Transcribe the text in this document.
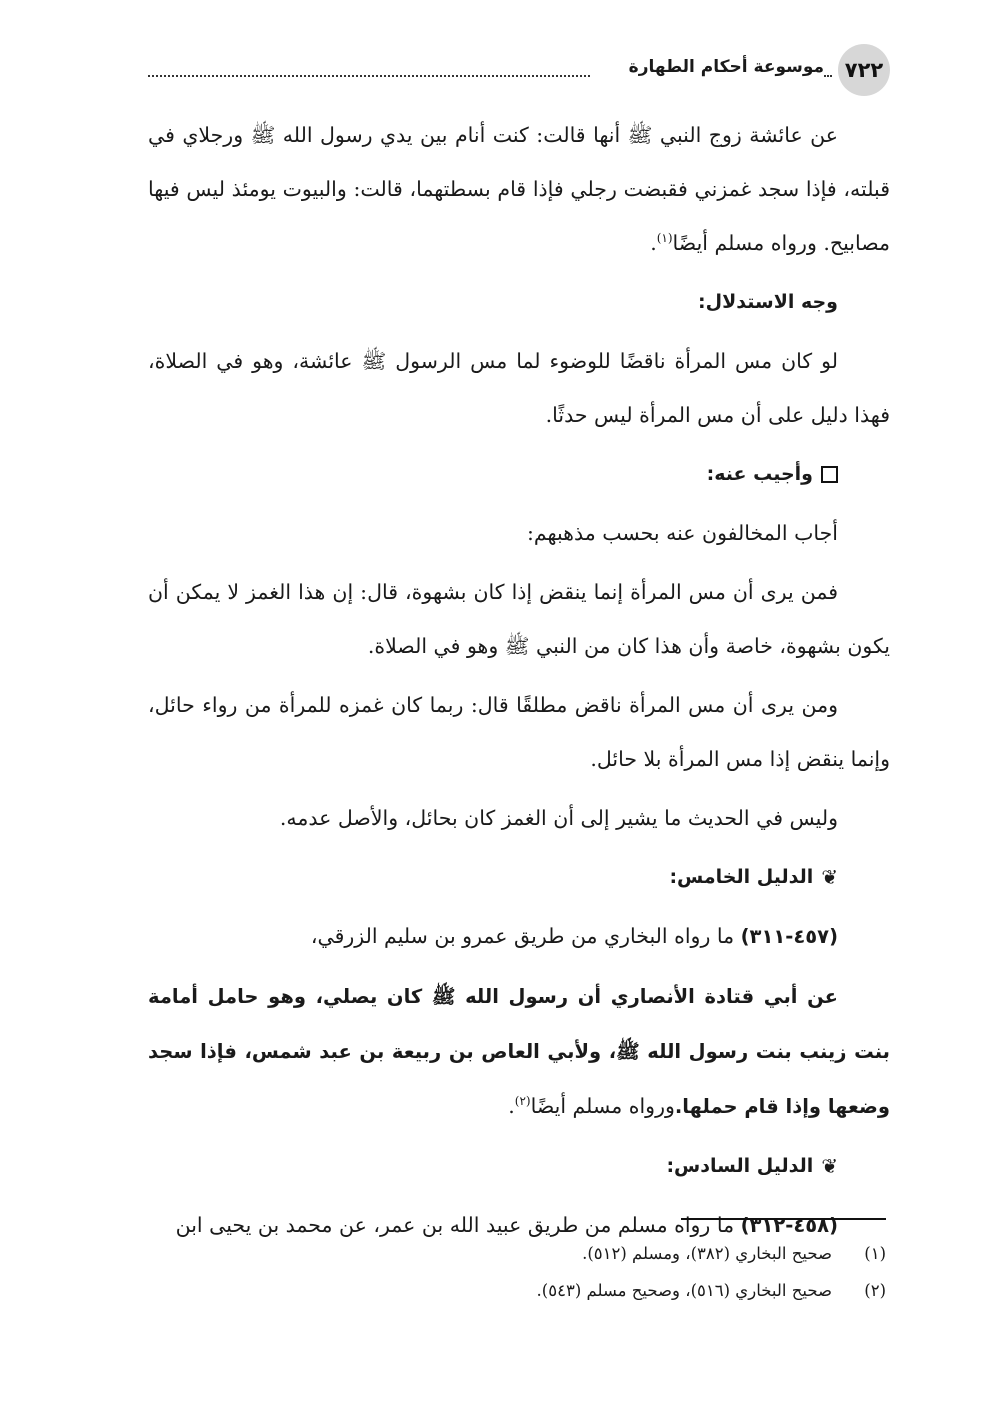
٧٢٢
موسوعة أحكام الطهارة

عن عائشة زوج النبي ﷺ أنها قالت: كنت أنام بين يدي رسول الله ﷺ ورجلاي في قبلته، فإذا سجد غمزني فقبضت رجلي فإذا قام بسطتهما، قالت: والبيوت يومئذ ليس فيها مصابيح. ورواه مسلم أيضًا$^{(١)}$.

وجه الاستدلال:

لو كان مس المرأة ناقضًا للوضوء لما مس الرسول ﷺ عائشة، وهو في الصلاة، فهذا دليل على أن مس المرأة ليس حدثًا.

وأجيب عنه:

أجاب المخالفون عنه بحسب مذهبهم:

فمن يرى أن مس المرأة إنما ينقض إذا كان بشهوة، قال: إن هذا الغمز لا يمكن أن يكون بشهوة، خاصة وأن هذا كان من النبي ﷺ وهو في الصلاة.

ومن يرى أن مس المرأة ناقض مطلقًا قال: ربما كان غمزه للمرأة من رواء حائل، وإنما ينقض إذا مس المرأة بلا حائل.

وليس في الحديث ما يشير إلى أن الغمز كان بحائل، والأصل عدمه.

❦
الدليل الخامس:

(٤٥٧-٣١١) ما رواه البخاري من طريق عمرو بن سليم الزرقي،

عن أبي قتادة الأنصاري أن رسول الله ﷺ كان يصلي، وهو حامل أمامة بنت زينب بنت رسول الله ﷺ، ولأبي العاص بن ربيعة بن عبد شمس، فإذا سجد وضعها وإذا قام حملها.ورواه مسلم أيضًا$^{(٢)}$.

❦
الدليل السادس:

(٤٥٨-٣١٢) ما رواه مسلم من طريق عبيد الله بن عمر، عن محمد بن يحيى ابن

(١)
صحيح البخاري (٣٨٢)، ومسلم (٥١٢).
(٢)
صحيح البخاري (٥١٦)، وصحيح مسلم (٥٤٣).
